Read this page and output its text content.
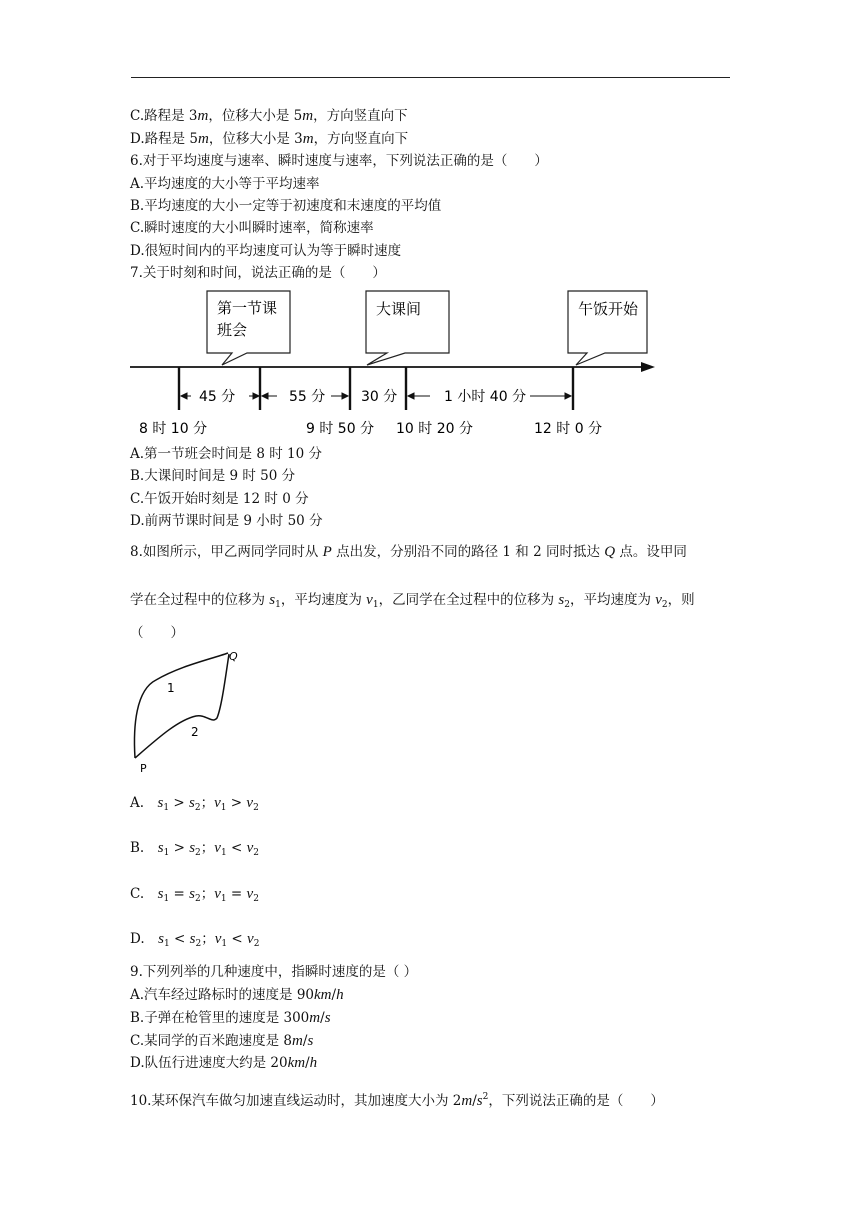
C.路程是 3m，位移大小是 5m，方向竖直向下
D.路程是 5m，位移大小是 3m，方向竖直向下
6.对于平均速度与速率、瞬时速度与速率，下列说法正确的是（　　）
A.平均速度的大小等于平均速率
B.平均速度的大小一定等于初速度和末速度的平均值
C.瞬时速度的大小叫瞬时速率，简称速率
D.很短时间内的平均速度可认为等于瞬时速度
7.关于时刻和时间，说法正确的是（　　）
第一节课
班会
大课间	午饭开始
45 分	55 分	30 分	1 小时 40 分
8 时 10 分	9 时 50 分 10 时 20 分	12 时 0 分
A.第一节班会时间是 8 时 10 分
B.大课间时间是 9 时 50 分
C.午饭开始时刻是 12 时 0 分
D.前两节课时间是 9 小时 50 分
8.如图所示，甲乙两同学同时从 P 点出发，分别沿不同的路径 1 和 2 同时抵达 Q 点。设甲同
学在全过程中的位移为 $s_1$，平均速度为 $v_1$，乙同学在全过程中的位移为 $s_2$，平均速度为 $v_2$，则
（　　）
Q
P
1
2
A.　$s_1 > s_2$；$v_1 > v_2$
B.　$s_1 > s_2$；$v_1 < v_2$
C.　$s_1 = s_2$；$v_1 = v_2$
D.　$s_1 < s_2$；$v_1 < v_2$
9.下列列举的几种速度中，指瞬时速度的是（ ）
A.汽车经过路标时的速度是 90km/h
B.子弹在枪管里的速度是 300m/s
C.某同学的百米跑速度是 8m/s
D.队伍行进速度大约是 20km/h
10.某环保汽车做匀加速直线运动时，其加速度大小为 $2m/s^2$，下列说法正确的是（　　）
